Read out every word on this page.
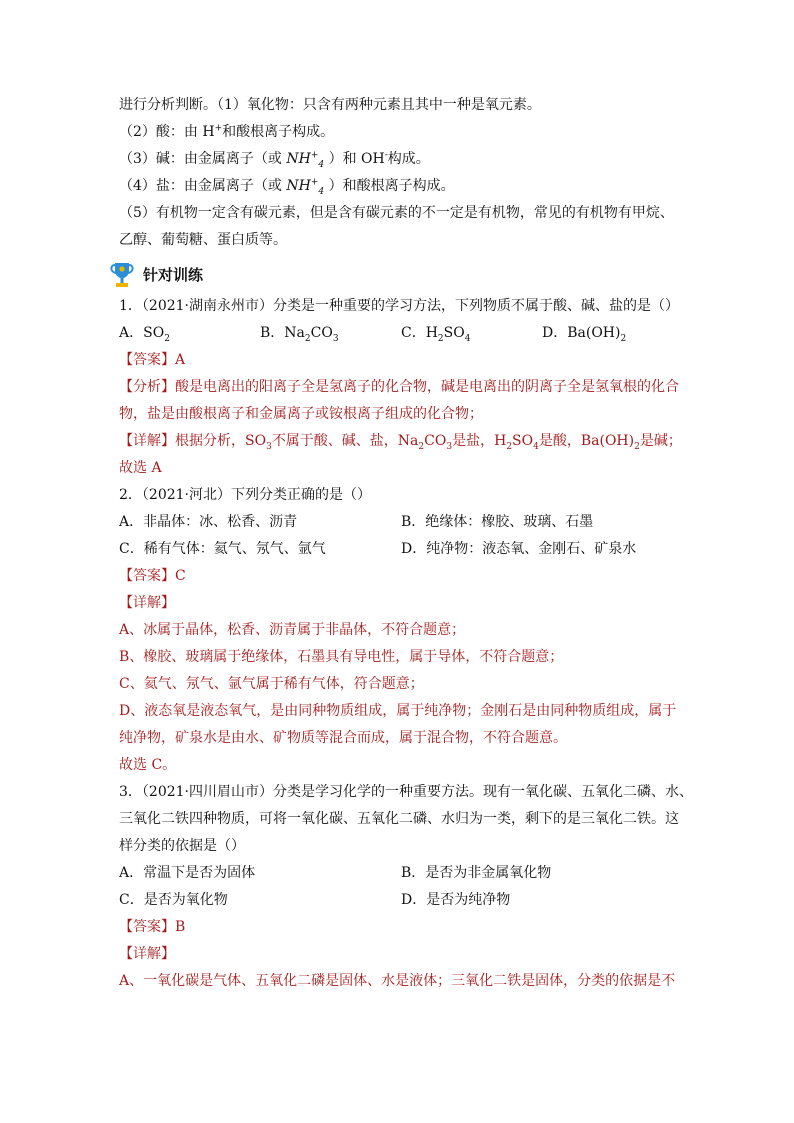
进行分析判断。（1）氧化物：只含有两种元素且其中一种是氧元素。
（2）酸：由 H+和酸根离子构成。
（3）碱：由金属离子（或 $NH^+_4$ ）和 OH-构成。
（4）盐：由金属离子（或 $NH^+_4$ ）和酸根离子构成。
（5）有机物一定含有碳元素，但是含有碳元素的不一定是有机物，常见的有机物有甲烷、
乙醇、葡萄糖、蛋白质等。
针对训练
1．（2021·湖南永州市）分类是一种重要的学习方法，下列物质不属于酸、碱、盐的是（）
A．$SO_2$	B．$Na_2CO_3$	C．$H_2SO_4$	D．$Ba(OH)_2$
【答案】A
【分析】酸是电离出的阳离子全是氢离子的化合物，碱是电离出的阴离子全是氢氧根的化合
物，盐是由酸根离子和金属离子或铵根离子组成的化合物；
【详解】根据分析，$SO_3$不属于酸、碱、盐，$Na_2CO_3$是盐，$H_2SO_4$是酸，$Ba(OH)_2$是碱；
故选 A
2．（2021·河北）下列分类正确的是（）
A．非晶体：冰、松香、沥青	B．绝缘体：橡胶、玻璃、石墨
C．稀有气体：氦气、氖气、氩气	D．纯净物：液态氧、金刚石、矿泉水
【答案】C
【详解】
A、冰属于晶体，松香、沥青属于非晶体，不符合题意；
B、橡胶、玻璃属于绝缘体，石墨具有导电性，属于导体，不符合题意；
C、氦气、氖气、氩气属于稀有气体，符合题意；
D、液态氧是液态氧气，是由同种物质组成，属于纯净物；金刚石是由同种物质组成，属于
纯净物，矿泉水是由水、矿物质等混合而成，属于混合物，不符合题意。
故选 C。
3．（2021·四川眉山市）分类是学习化学的一种重要方法。现有一氧化碳、五氧化二磷、水、
三氧化二铁四种物质，可将一氧化碳、五氧化二磷、水归为一类，剩下的是三氧化二铁。这
样分类的依据是（）
A．常温下是否为固体	B．是否为非金属氧化物
C．是否为氧化物	D．是否为纯净物
【答案】B
【详解】
A、一氧化碳是气体、五氧化二磷是固体、水是液体；三氧化二铁是固体，分类的依据是不
